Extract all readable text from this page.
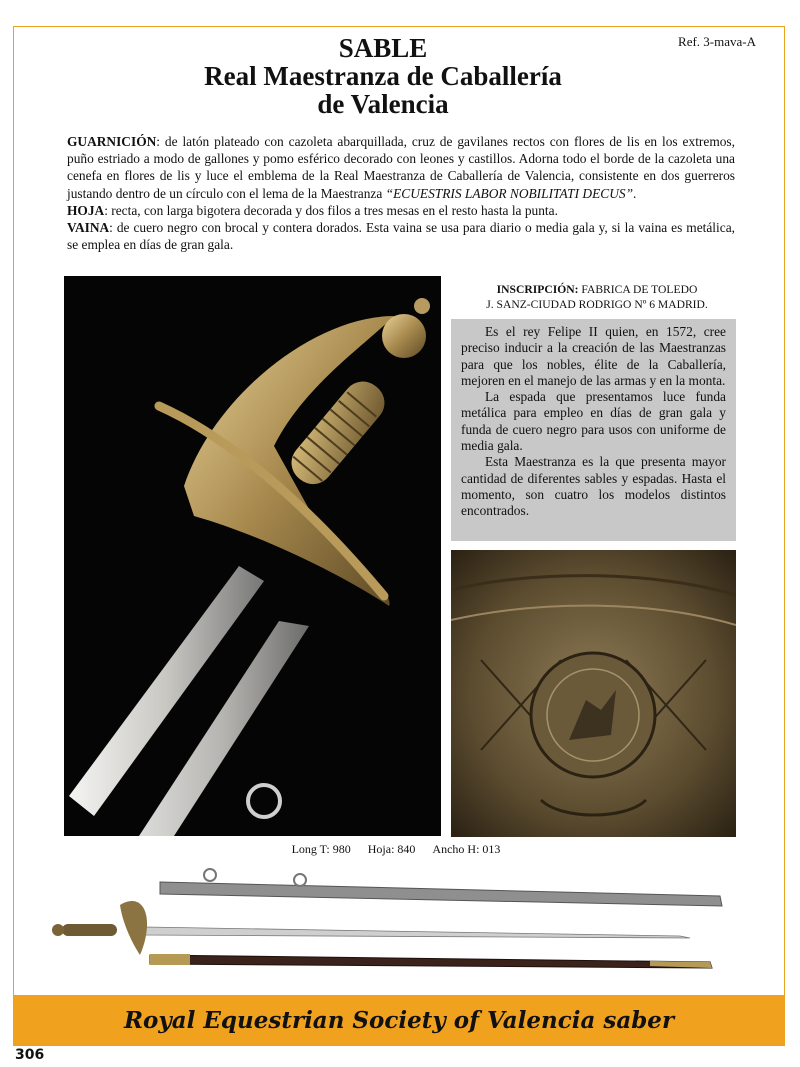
Ref. 3-mava-A
SABLE
Real Maestranza de Caballería
de Valencia

GUARNICIÓN: de latón plateado con cazoleta abarquillada, cruz de gavilanes rectos con flores de lis en los extremos, puño estriado a modo de gallones y pomo esférico decorado con leones y castillos. Adorna todo el borde de la cazoleta una cenefa en flores de lis y luce el emblema de la Real Maestranza de Caballería de Valencia, consistente en dos guerreros justando dentro de un círculo con el lema de la Maestranza “ECUESTRIS LABOR NOBILITATI DECUS”.

HOJA: recta, con larga bigotera decorada y dos filos a tres mesas en el resto hasta la punta.

VAINA: de cuero negro con brocal y contera dorados. Esta vaina se usa para diario o media gala y, si la vaina es metálica, se emplea en días de gran gala.

INSCRIPCIÓN: FABRICA DE TOLEDO
J. SANZ-CIUDAD RODRIGO Nº 6 MADRID.

Es el rey Felipe II quien, en 1572, cree preciso inducir a la creación de las Maestranzas para que los nobles, élite de la Caballería, mejoren en el manejo de las armas y en la monta.

La espada que presentamos luce funda metálica para empleo en días de gran gala y funda de cuero negro para usos con uniforme de media gala.

Esta Maestranza es la que presenta mayor cantidad de diferentes sables y espadas. Hasta el momento, son cuatro los modelos distintos encontrados.

Long T: 980 Hoja: 840 Ancho H: 013
Royal Equestrian Society of Valencia saber
306
